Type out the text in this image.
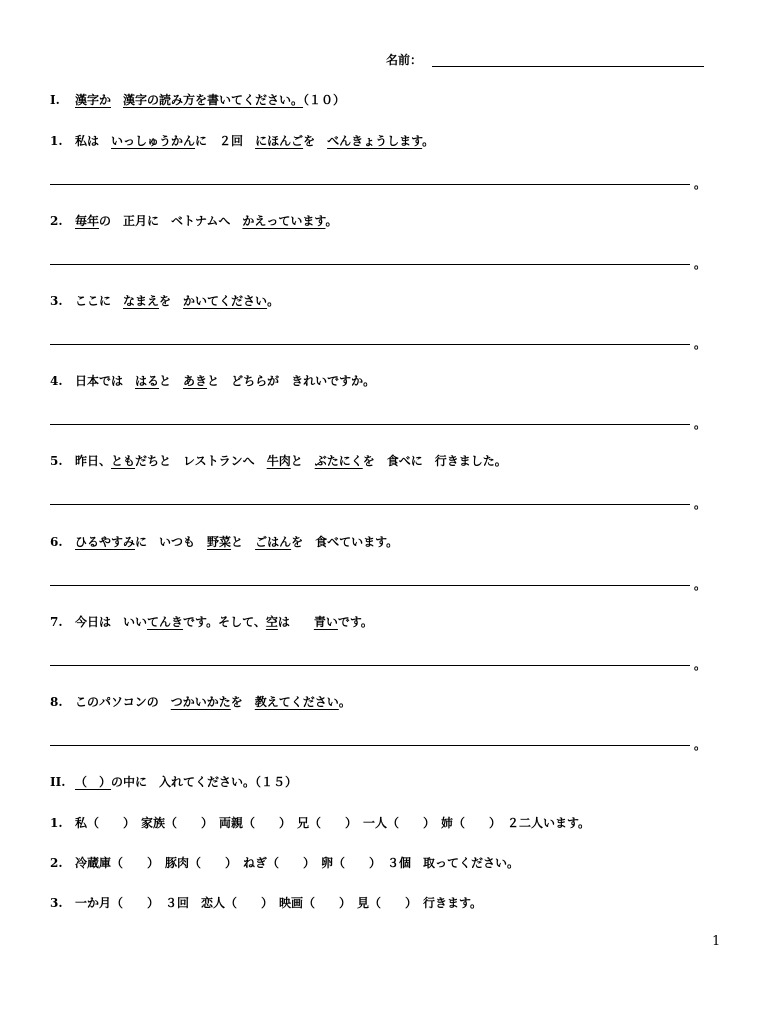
名前：
I. 漢字か　 漢字の読み方を書いてください。（１０）
1. 私は　 いっしゅうかんに　２回　にほんごを　べんきょうします。
。
2. 毎年の　正月に　ベトナムへ　かえっています。
。
3. ここに　なまえを　かいてください。
。
4. 日本では　はると　あきと　どちらが　きれいですか。
。
5. 昨日、ともだちと　レストランへ　牛肉と　ぶたにくを　食べに　行きました。
。
6. ひるやすみに　いつも　野菜と　ごはんを　食べています。
。
7. 今日は　いいてんきです。そして、空は　　青いです。
。
8. このパソコンの　つかいかたを　教えてください。
。
II. （　）の中に　入れてください。（１５）
1. 私（　　）　家族（　　）　両親（　　）　兄（　　）　一人（　　）　姉（　　）　２二人います。
2. 冷蔵庫（　　）　豚肉（　　）　ねぎ（　　）　卵（　　）　３個　取ってください。
3. 一か月（　　）　３回　恋人（　　）　映画（　　）　見（　　）　行きます。
1
